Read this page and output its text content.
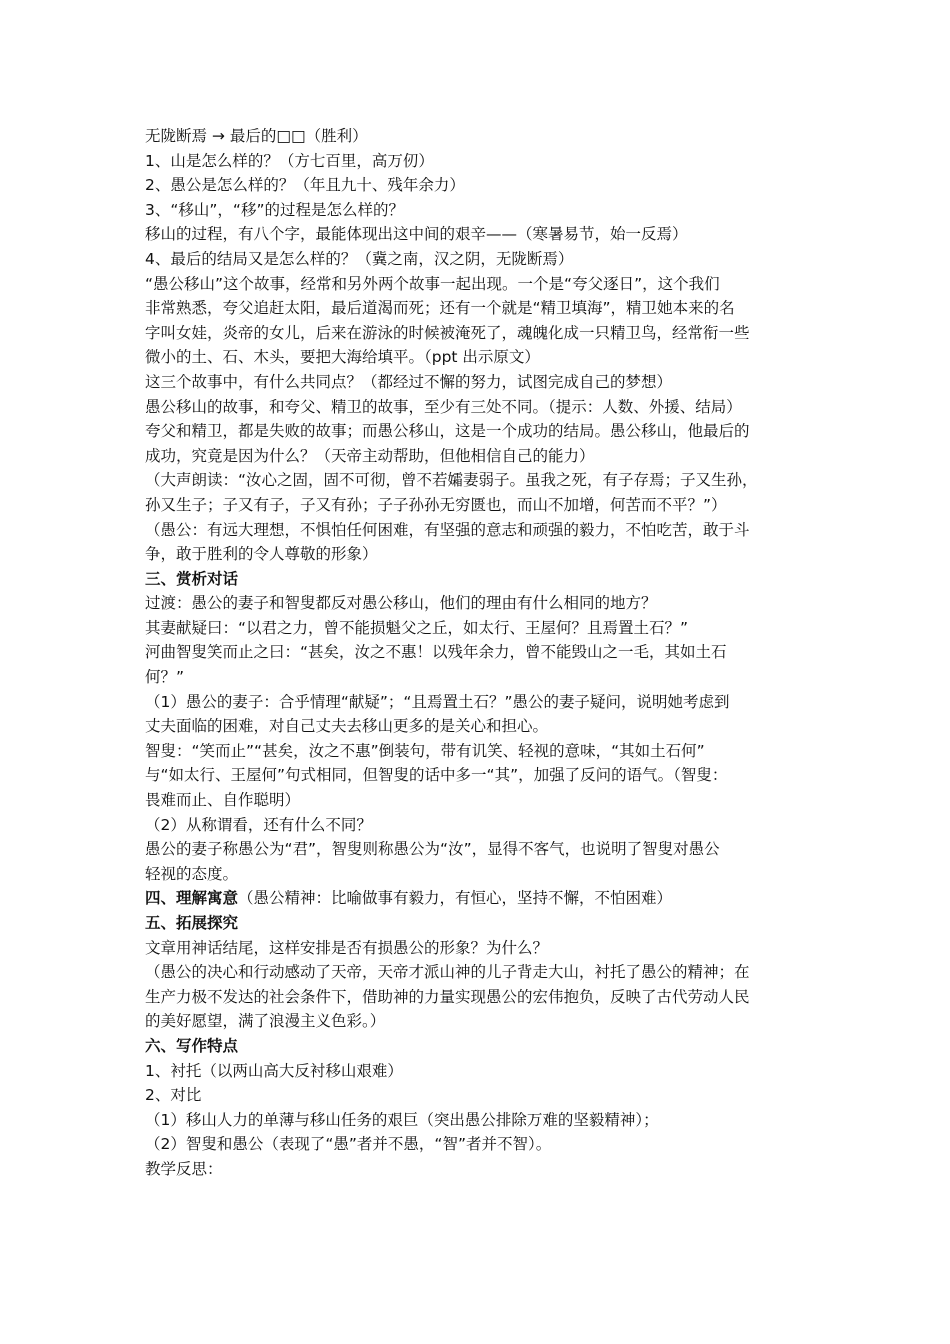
无陇断焉 → 最后的□□（胜利）
1、山是怎么样的？（方七百里，高万仞）
2、愚公是怎么样的？（年且九十、残年余力）
3、“移山”，“移”的过程是怎么样的？
移山的过程，有八个字，最能体现出这中间的艰辛——（寒暑易节，始一反焉）
4、最后的结局又是怎么样的？（冀之南，汉之阴，无陇断焉）
“愚公移山”这个故事，经常和另外两个故事一起出现。一个是“夸父逐日”，这个我们
非常熟悉，夸父追赶太阳，最后道渴而死；还有一个就是“精卫填海”，精卫她本来的名
字叫女娃，炎帝的女儿，后来在游泳的时候被淹死了，魂魄化成一只精卫鸟，经常衔一些
微小的土、石、木头，要把大海给填平。（ppt 出示原文）
这三个故事中，有什么共同点？（都经过不懈的努力，试图完成自己的梦想）
愚公移山的故事，和夸父、精卫的故事，至少有三处不同。（提示：人数、外援、结局）
夸父和精卫，都是失败的故事；而愚公移山，这是一个成功的结局。愚公移山，他最后的
成功，究竟是因为什么？（天帝主动帮助，但他相信自己的能力）
（大声朗读：“汝心之固，固不可彻，曾不若孀妻弱子。虽我之死，有子存焉；子又生孙，
孙又生子；子又有子，子又有孙；子子孙孙无穷匮也，而山不加增，何苦而不平？”）
（愚公：有远大理想，不惧怕任何困难，有坚强的意志和顽强的毅力，不怕吃苦，敢于斗
争，敢于胜利的令人尊敬的形象）
三、赏析对话
过渡：愚公的妻子和智叟都反对愚公移山，他们的理由有什么相同的地方？
其妻献疑曰：“以君之力，曾不能损魁父之丘，如太行、王屋何？且焉置土石？”
河曲智叟笑而止之曰：“甚矣，汝之不惠！以残年余力，曾不能毁山之一毛，其如土石
何？”
（1）愚公的妻子：合乎情理“献疑”；“且焉置土石？”愚公的妻子疑问，说明她考虑到
丈夫面临的困难，对自己丈夫去移山更多的是关心和担心。
智叟：“笑而止”“甚矣，汝之不惠”倒装句，带有讥笑、轻视的意味，“其如土石何”
与“如太行、王屋何”句式相同，但智叟的话中多一“其”，加强了反问的语气。（智叟：
畏难而止、自作聪明）
（2）从称谓看，还有什么不同？
愚公的妻子称愚公为“君”，智叟则称愚公为“汝”，显得不客气，也说明了智叟对愚公
轻视的态度。
四、理解寓意（愚公精神：比喻做事有毅力，有恒心，坚持不懈，不怕困难）
五、拓展探究
文章用神话结尾，这样安排是否有损愚公的形象？为什么？
（愚公的决心和行动感动了天帝，天帝才派山神的儿子背走大山，衬托了愚公的精神；在
生产力极不发达的社会条件下，借助神的力量实现愚公的宏伟抱负，反映了古代劳动人民
的美好愿望，满了浪漫主义色彩。）
六、写作特点
1、衬托（以两山高大反衬移山艰难）
2、对比
（1）移山人力的单薄与移山任务的艰巨（突出愚公排除万难的坚毅精神）；
（2）智叟和愚公（表现了“愚”者并不愚，“智”者并不智）。
教学反思：
